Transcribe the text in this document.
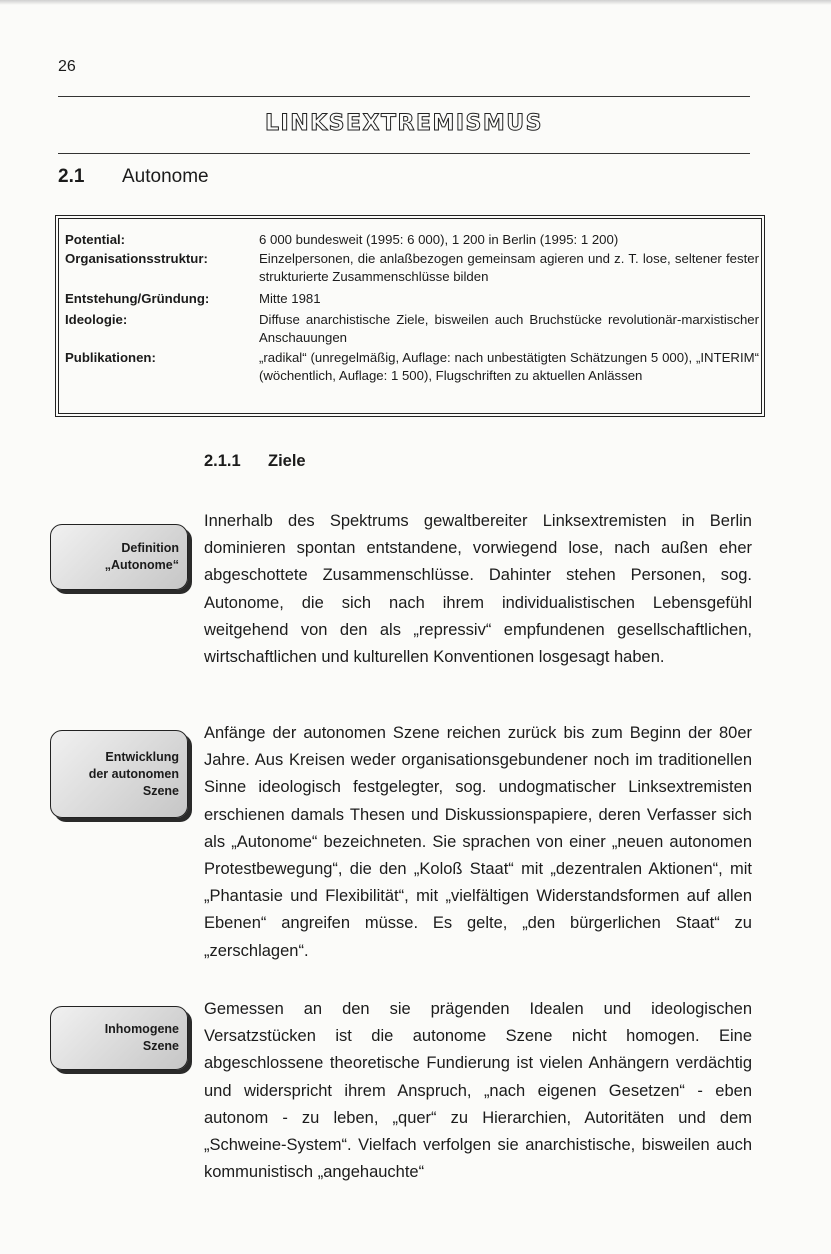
26
LINKSEXTREMISMUS
2.1 Autonome
Potential:	6 000 bundesweit (1995: 6 000), 1 200 in Berlin (1995: 1 200)
Organisationsstruktur:	Einzelpersonen, die anlaßbezogen gemeinsam agieren und z. T. lose, seltener fester strukturierte Zusammenschlüsse bilden
Entstehung/Gründung:	Mitte 1981
Ideologie:	Diffuse anarchistische Ziele, bisweilen auch Bruchstücke revolutionär-marxistischer Anschauungen
Publikationen:	„radikal“ (unregelmäßig, Auflage: nach unbestätigten Schätzungen 5 000), „INTERIM“ (wöchentlich, Auflage: 1 500), Flugschriften zu aktuellen Anlässen
2.1.1 Ziele
Definition
„Autonome“
Entwicklung
der autonomen
Szene
Inhomogene
Szene

Innerhalb des Spektrums gewaltbereiter Linksextremisten in Berlin dominieren spontan entstandene, vorwiegend lose, nach außen eher abgeschottete Zusammenschlüsse. Dahinter stehen Personen, sog. Autonome, die sich nach ihrem individualistischen Lebensgefühl weitgehend von den als „repressiv“ empfundenen gesellschaftlichen, wirtschaftlichen und kulturellen Konventionen losgesagt haben.

Anfänge der autonomen Szene reichen zurück bis zum Beginn der 80er Jahre. Aus Kreisen weder organisationsgebundener noch im traditionellen Sinne ideologisch festgelegter, sog. undogmatischer Linksextremisten erschienen damals Thesen und Diskussionspapiere, deren Verfasser sich als „Autonome“ bezeichneten. Sie sprachen von einer „neuen autonomen Protestbewegung“, die den „Koloß Staat“ mit „dezentralen Aktionen“, mit „Phantasie und Flexibilität“, mit „vielfältigen Widerstandsformen auf allen Ebenen“ angreifen müsse. Es gelte, „den bürgerlichen Staat“ zu „zerschlagen“.

Gemessen an den sie prägenden Idealen und ideologischen Versatzstücken ist die autonome Szene nicht homogen. Eine abgeschlossene theoretische Fundierung ist vielen Anhängern verdächtig und widerspricht ihrem Anspruch, „nach eigenen Gesetzen“ - eben autonom - zu leben, „quer“ zu Hierarchien, Autoritäten und dem „Schweine-System“. Vielfach verfolgen sie anarchistische, bisweilen auch kommunistisch „angehauchte“
